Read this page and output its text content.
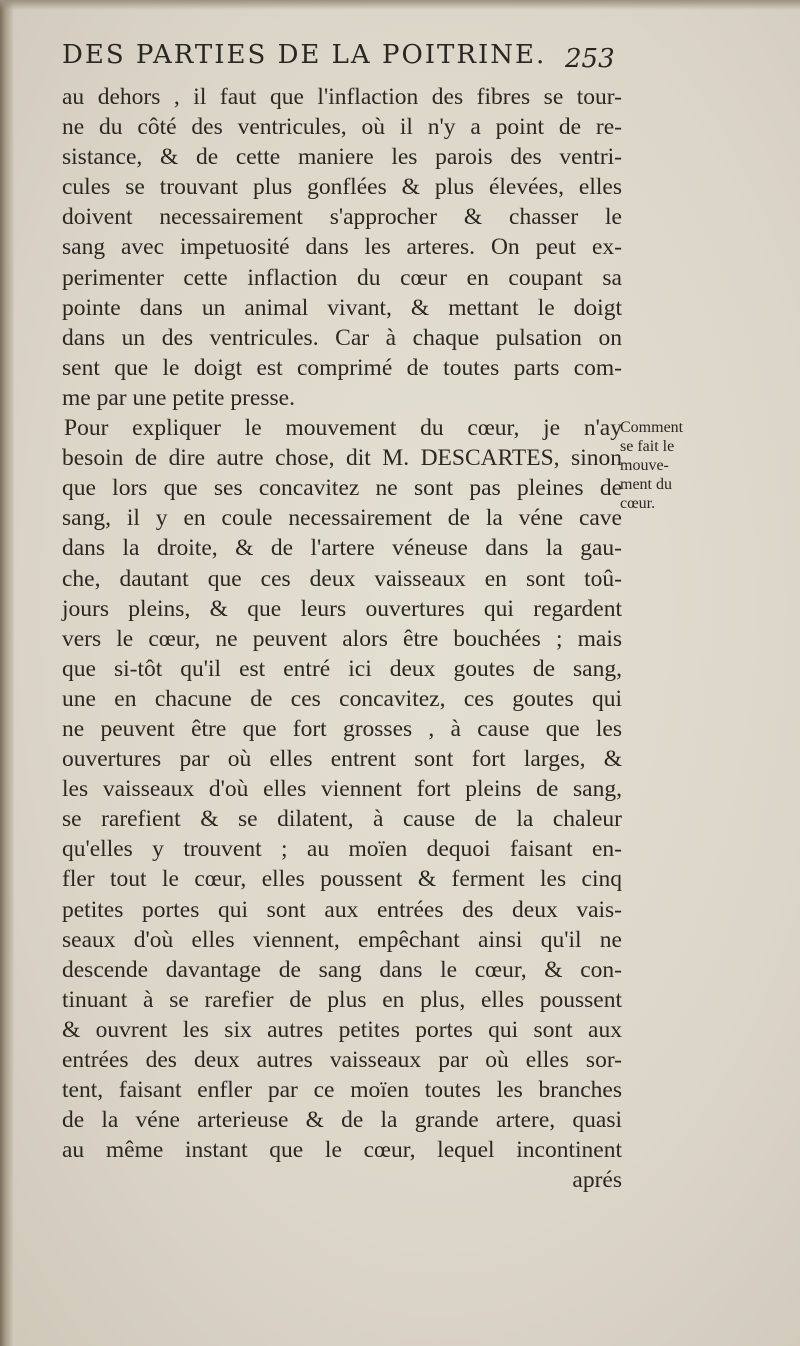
DES PARTIES DE LA POITRINE. 253
au dehors , il faut que l'inflaction des fibres se tour-
ne du côté des ventricules, où il n'y a point de re-
sistance, & de cette maniere les parois des ventri-
cules se trouvant plus gonflées & plus élevées, elles
doivent necessairement s'approcher & chasser le
sang avec impetuosité dans les arteres. On peut ex-
perimenter cette inflaction du cœur en coupant sa
pointe dans un animal vivant, & mettant le doigt
dans un des ventricules. Car à chaque pulsation on
sent que le doigt est comprimé de toutes parts com-
me par une petite presse.
Pour expliquer le mouvement du cœur, je n'ay
besoin de dire autre chose, dit M. DESCARTES, sinon
que lors que ses concavitez ne sont pas pleines de
sang, il y en coule necessairement de la véne cave
dans la droite, & de l'artere véneuse dans la gau-
che, dautant que ces deux vaisseaux en sont toû-
jours pleins, & que leurs ouvertures qui regardent
vers le cœur, ne peuvent alors être bouchées ; mais
que si-tôt qu'il est entré ici deux goutes de sang,
une en chacune de ces concavitez, ces goutes qui
ne peuvent être que fort grosses , à cause que les
ouvertures par où elles entrent sont fort larges, &
les vaisseaux d'où elles viennent fort pleins de sang,
se rarefient & se dilatent, à cause de la chaleur
qu'elles y trouvent ; au moïen dequoi faisant en-
fler tout le cœur, elles poussent & ferment les cinq
petites portes qui sont aux entrées des deux vais-
seaux d'où elles viennent, empêchant ainsi qu'il ne
descende davantage de sang dans le cœur, & con-
tinuant à se rarefier de plus en plus, elles poussent
& ouvrent les six autres petites portes qui sont aux
entrées des deux autres vaisseaux par où elles sor-
tent, faisant enfler par ce moïen toutes les branches
de la véne arterieuse & de la grande artere, quasi
au même instant que le cœur, lequel incontinent
aprés
Comment
se fait le
mouve-
ment du
cœur.
